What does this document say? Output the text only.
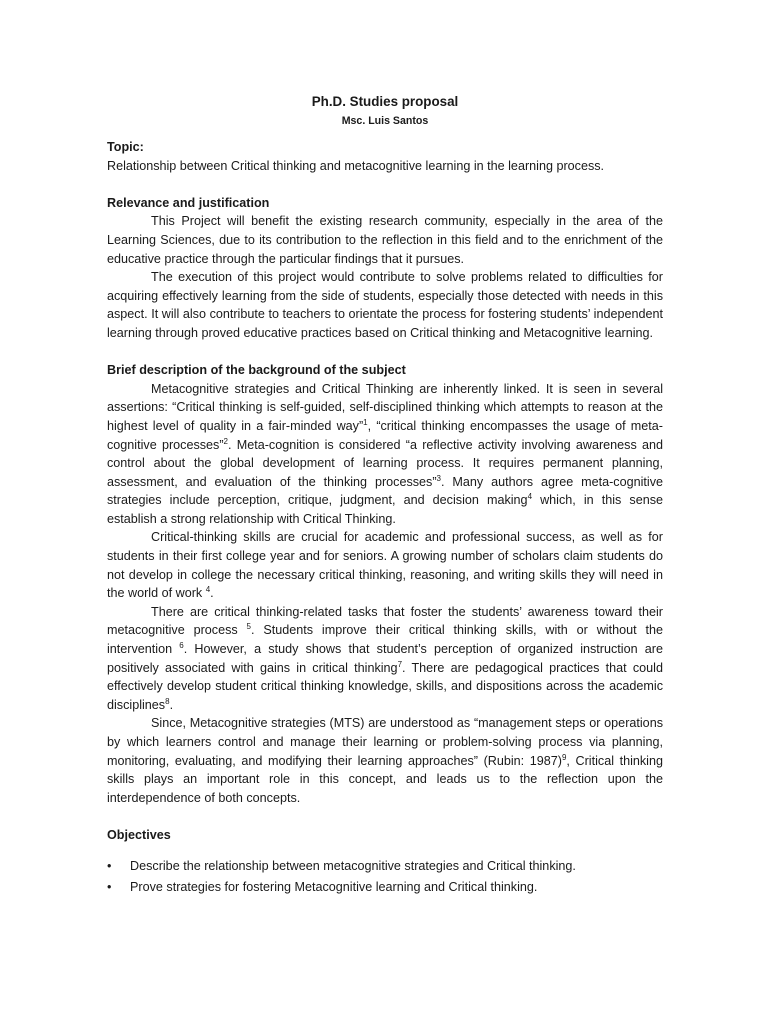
Ph.D. Studies proposal
Msc. Luis Santos
Topic:
Relationship between Critical thinking and metacognitive learning in the learning process.
Relevance and justification
This Project will benefit the existing research community, especially in the area of the Learning Sciences, due to its contribution to the reflection in this field and to the enrichment of the educative practice through the particular findings that it pursues.
The execution of this project would contribute to solve problems related to difficulties for acquiring effectively learning from the side of students, especially those detected with needs in this aspect. It will also contribute to teachers to orientate the process for fostering students’ independent learning through proved educative practices based on Critical thinking and Metacognitive learning.
Brief description of the background of the subject
Metacognitive strategies and Critical Thinking are inherently linked. It is seen in several assertions: “Critical thinking is self-guided, self-disciplined thinking which attempts to reason at the highest level of quality in a fair-minded way”$^1$, “critical thinking encompasses the usage of meta-cognitive processes”$^2$. Meta-cognition is considered “a reflective activity involving awareness and control about the global development of learning process. It requires permanent planning, assessment, and evaluation of the thinking processes”$^3$. Many authors agree meta-cognitive strategies include perception, critique, judgment, and decision making$^4$ which, in this sense establish a strong relationship with Critical Thinking.
Critical-thinking skills are crucial for academic and professional success, as well as for students in their first college year and for seniors. A growing number of scholars claim students do not develop in college the necessary critical thinking, reasoning, and writing skills they will need in the world of work $^4$.
There are critical thinking-related tasks that foster the students’ awareness toward their metacognitive process $^5$. Students improve their critical thinking skills, with or without the intervention $^6$. However, a study shows that student’s perception of organized instruction are positively associated with gains in critical thinking$^7$. There are pedagogical practices that could effectively develop student critical thinking knowledge, skills, and dispositions across the academic disciplines$^8$.
Since, Metacognitive strategies (MTS) are understood as “management steps or operations by which learners control and manage their learning or problem-solving process via planning, monitoring, evaluating, and modifying their learning approaches” (Rubin: 1987)$^9$, Critical thinking skills plays an important role in this concept, and leads us to the reflection upon the interdependence of both concepts.
Objectives
• Describe the relationship between metacognitive strategies and Critical thinking.
• Prove strategies for fostering Metacognitive learning and Critical thinking.
